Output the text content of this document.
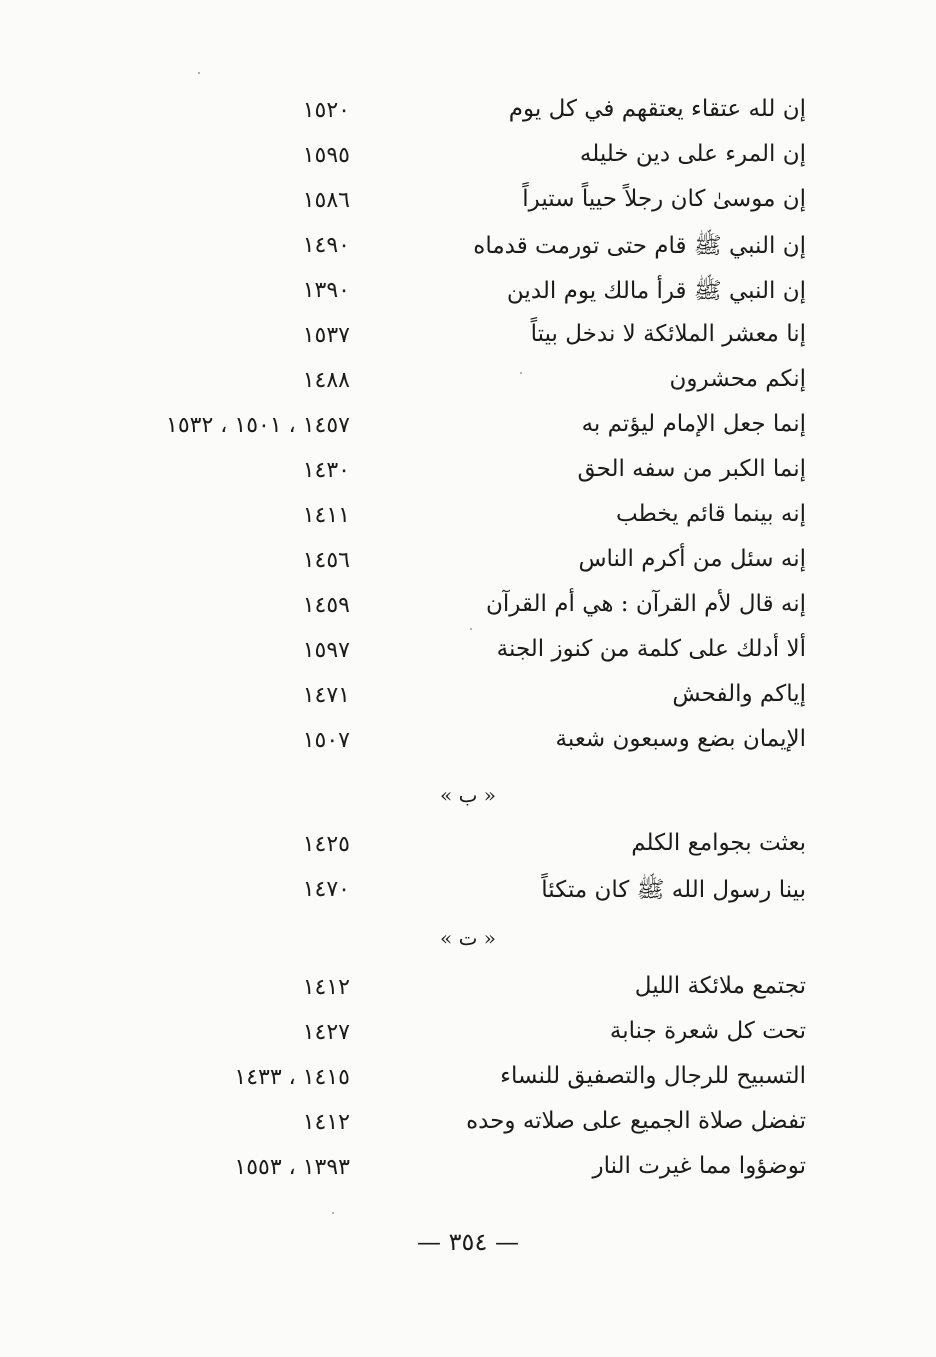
إن لله عتقاء يعتقهم في كل يوم
١٥٢٠
إن المرء على دين خليله
١٥٩٥
إن موسىٰ كان رجلاً حيياً ستيراً
١٥٨٦
إن النبي ﷺ قام حتى تورمت قدماه
١٤٩٠
إن النبي ﷺ قرأ مالك يوم الدين
١٣٩٠
إنا معشر الملائكة لا ندخل بيتاً
١٥٣٧
إنكم محشرون
١٤٨٨
إنما جعل الإمام ليؤتم به
١٤٥٧ ، ١٥٠١ ، ١٥٣٢
إنما الكبر من سفه الحق
١٤٣٠
إنه بينما قائم يخطب
١٤١١
إنه سئل من أكرم الناس
١٤٥٦
إنه قال لأم القرآن : هي أم القرآن
١٤٥٩
ألا أدلك على كلمة من كنوز الجنة
١٥٩٧
إياكم والفحش
١٤٧١
الإيمان بضع وسبعون شعبة
١٥٠٧
« ب »
بعثت بجوامع الكلم
١٤٢٥
بينا رسول الله ﷺ كان متكئاً
١٤٧٠
« ت »
تجتمع ملائكة الليل
١٤١٢
تحت كل شعرة جنابة
١٤٢٧
التسبيح للرجال والتصفيق للنساء
١٤١٥ ، ١٤٣٣
تفضل صلاة الجميع على صلاته وحده
١٤١٢
توضؤوا مما غيرت النار
١٣٩٣ ، ١٥٥٣
— ٣٥٤ —
